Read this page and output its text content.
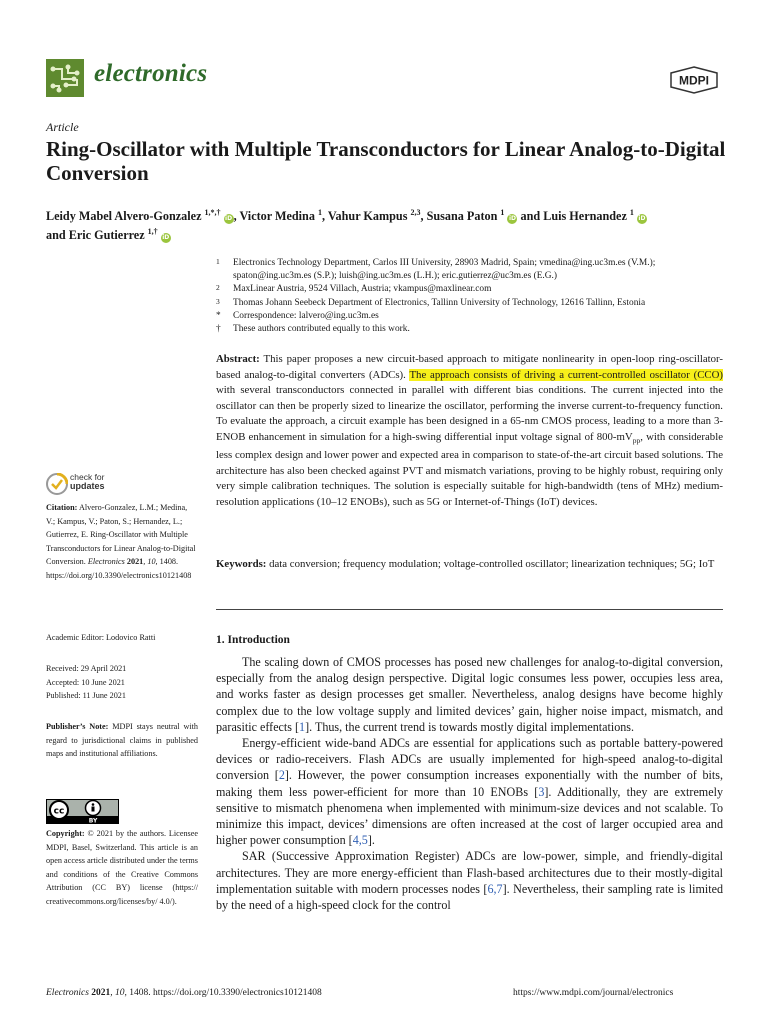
electronics	MDPI
Article
Ring-Oscillator with Multiple Transconductors for Linear Analog-to-Digital Conversion
Leidy Mabel Alvero-Gonzalez $^{1,*,\dagger}$ iD, Victor Medina $^1$, Vahur Kampus $^{2,3}$, Susana Paton $^1$ iD and Luis Hernandez $^1$ iD
and Eric Gutierrez $^{1,\dagger}$ iD
1 Electronics Technology Department, Carlos III University, 28903 Madrid, Spain; vmedina@ing.uc3m.es (V.M.); spaton@ing.uc3m.es (S.P.); luish@ing.uc3m.es (L.H.); eric.gutierrez@uc3m.es (E.G.)
2 MaxLinear Austria, 9524 Villach, Austria; vkampus@maxlinear.com
3 Thomas Johann Seebeck Department of Electronics, Tallinn University of Technology, 12616 Tallinn, Estonia
* Correspondence: lalvero@ing.uc3m.es
† These authors contributed equally to this work.
Abstract: This paper proposes a new circuit-based approach to mitigate nonlinearity in open-loop ring-oscillator-based analog-to-digital converters (ADCs). The approach consists of driving a current-controlled oscillator (CCO) with several transconductors connected in parallel with different bias conditions. The current injected into the oscillator can then be properly sized to linearize the oscillator, performing the inverse current-to-frequency function. To evaluate the approach, a circuit example has been designed in a 65-nm CMOS process, leading to a more than 3-ENOB enhancement in simulation for a high-swing differential input voltage signal of $800-mV_{pp}$, with considerable less complex design and lower power and expected area in comparison to state-of-the-art circuit based solutions. The architecture has also been checked against PVT and mismatch variations, proving to be highly robust, requiring only very simple calibration techniques. The solution is especially suitable for high-bandwidth (tens of MHz) medium-resolution applications (10–12 ENOBs), such as 5G or Internet-of-Things (IoT) devices.
Keywords: data conversion; frequency modulation; voltage-controlled oscillator; linearization techniques; 5G; IoT
check for
updates
Citation: Alvero-Gonzalez, L.M.; Medina, V.; Kampus, V.; Paton, S.; Hernandez, L.; Gutierrez, E. Ring-Oscillator with Multiple Transconductors for Linear Analog-to-Digital Conversion. Electronics 2021, 10, 1408. https://doi.org/10.3390/electronics10121408
Academic Editor: Lodovico Ratti
Received: 29 April 2021
Accepted: 10 June 2021
Published: 11 June 2021
Publisher’s Note: MDPI stays neutral with regard to jurisdictional claims in published maps and institutional affiliations.
cc
BY
Copyright: © 2021 by the authors. Licensee MDPI, Basel, Switzerland. This article is an open access article distributed under the terms and conditions of the Creative Commons Attribution (CC BY) license (https:// creativecommons.org/licenses/by/ 4.0/).
1. Introduction

The scaling down of CMOS processes has posed new challenges for analog-to-digital conversion, especially from the analog design perspective. Digital logic consumes less power, occupies less area, and works faster as design processes get smaller. Nevertheless, analog designs have become highly complex due to the low voltage supply and limited devices’ gain, higher noise impact, mismatch, and parasitic effects [1]. Thus, the current trend is towards mostly digital implementations.

Energy-efficient wide-band ADCs are essential for applications such as portable battery-powered devices or radio-receivers. Flash ADCs are usually implemented for high-speed analog-to-digital conversion [2]. However, the power consumption increases exponentially with the number of bits, making them less power-efficient for more than 10 ENOBs [3]. Additionally, they are extremely sensitive to mismatch phenomena when implemented with minimum-size devices and not scalable. To minimize this impact, devices’ dimensions are often increased at the cost of larger occupied area and higher power consumption [4,5].

SAR (Successive Approximation Register) ADCs are low-power, simple, and friendly-digital architectures. They are more energy-efficient than Flash-based architectures due to their mostly-digital implementation suitable with modern processes nodes [6,7]. Nevertheless, their sampling rate is limited by the need of a high-speed clock for the control

Electronics 2021, 10, 1408. https://doi.org/10.3390/electronics10121408	https://www.mdpi.com/journal/electronics
